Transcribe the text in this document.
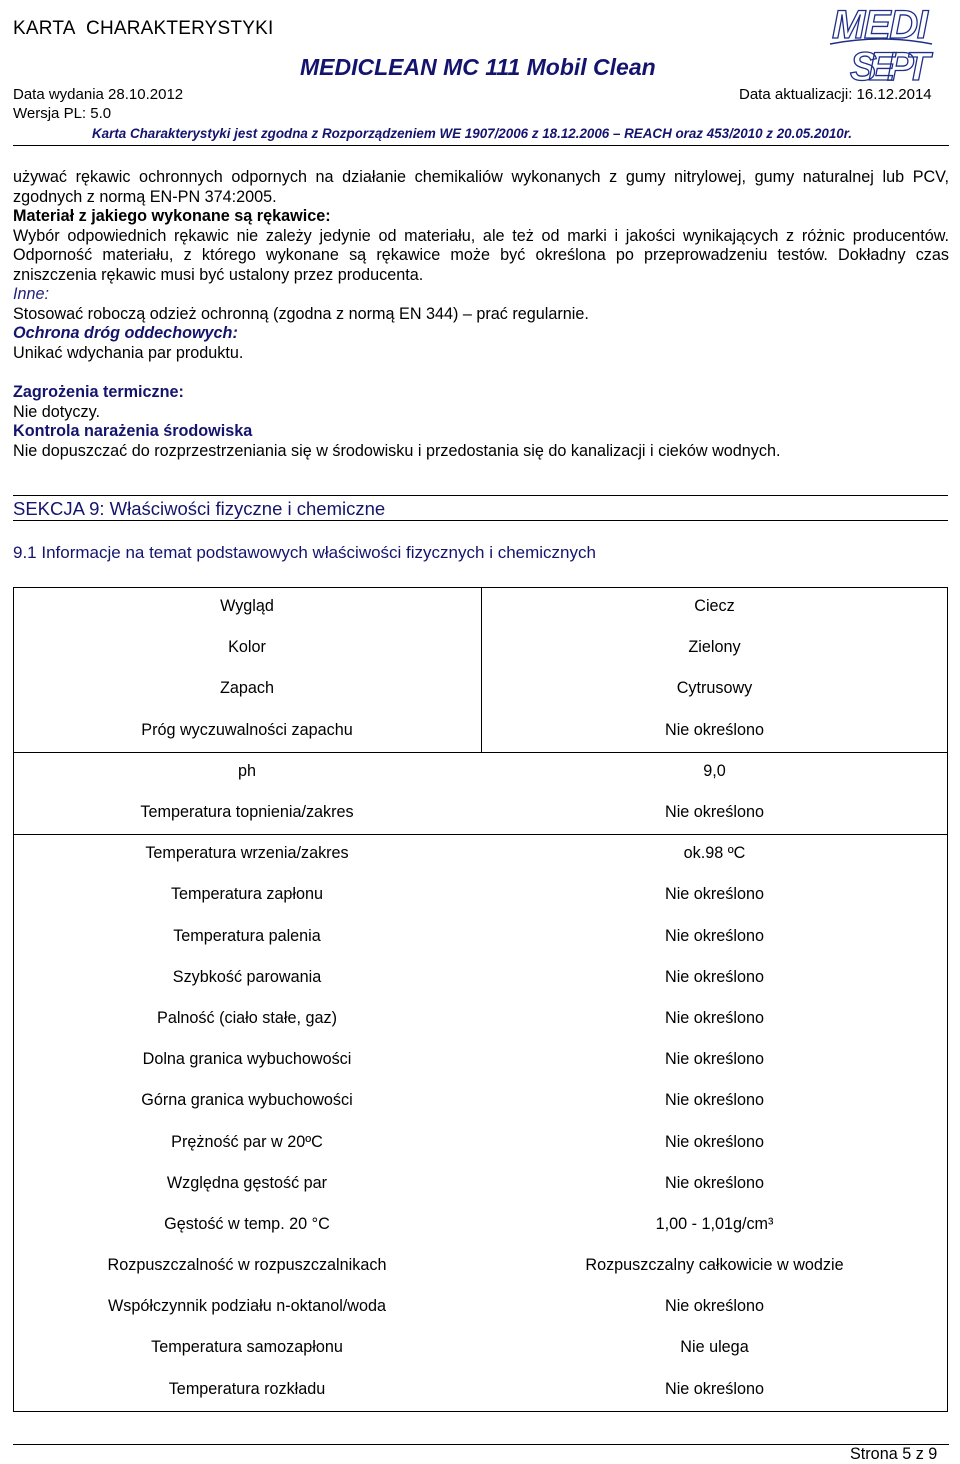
KARTA CHARAKTERYSTYKI
MEDICLEAN MC 111 Mobil Clean
Data wydania 28.10.2012	Data aktualizacji: 16.12.2014
Wersja PL: 5.0
Karta Charakterystyki jest zgodna z Rozporządzeniem WE 1907/2006 z 18.12.2006 – REACH oraz 453/2010 z 20.05.2010r.
MEDI
SEPT

używać rękawic ochronnych odpornych na działanie chemikaliów wykonanych z gumy nitrylowej, gumy naturalnej lub PCV, zgodnych z normą EN-PN 374:2005.

Materiał z jakiego wykonane są rękawice:

Wybór odpowiednich rękawic nie zależy jedynie od materiału, ale też od marki i jakości wynikających z różnic producentów. Odporność materiału, z którego wykonane są rękawice może być określona po przeprowadzeniu testów. Dokładny czas zniszczenia rękawic musi być ustalony przez producenta.

Inne:

Stosować roboczą odzież ochronną (zgodna z normą EN 344) – prać regularnie.

Ochrona dróg oddechowych:

Unikać wdychania par produktu.

Zagrożenia termiczne:

Nie dotyczy.

Kontrola narażenia środowiska

Nie dopuszczać do rozprzestrzeniania się w środowisku i przedostania się do kanalizacji i cieków wodnych.

SEKCJA 9: Właściwości fizyczne i chemiczne
9.1 Informacje na temat podstawowych właściwości fizycznych i chemicznych
Wygląd	Ciecz
Kolor	Zielony
Zapach	Cytrusowy
Próg wyczuwalności zapachu	Nie określono
ph	9,0
Temperatura topnienia/zakres	Nie określono
Temperatura wrzenia/zakres	ok.98 ºC
Temperatura zapłonu	Nie określono
Temperatura palenia	Nie określono
Szybkość parowania	Nie określono
Palność (ciało stałe, gaz)	Nie określono
Dolna granica wybuchowości	Nie określono
Górna granica wybuchowości	Nie określono
Prężność par w 20ºC	Nie określono
Względna gęstość par	Nie określono
Gęstość w temp. 20 °C	1,00 - 1,01g/cm³
Rozpuszczalność w rozpuszczalnikach	Rozpuszczalny całkowicie w wodzie
Współczynnik podziału n-oktanol/woda	Nie określono
Temperatura samozapłonu	Nie ulega
Temperatura rozkładu	Nie określono
Strona 5 z 9
